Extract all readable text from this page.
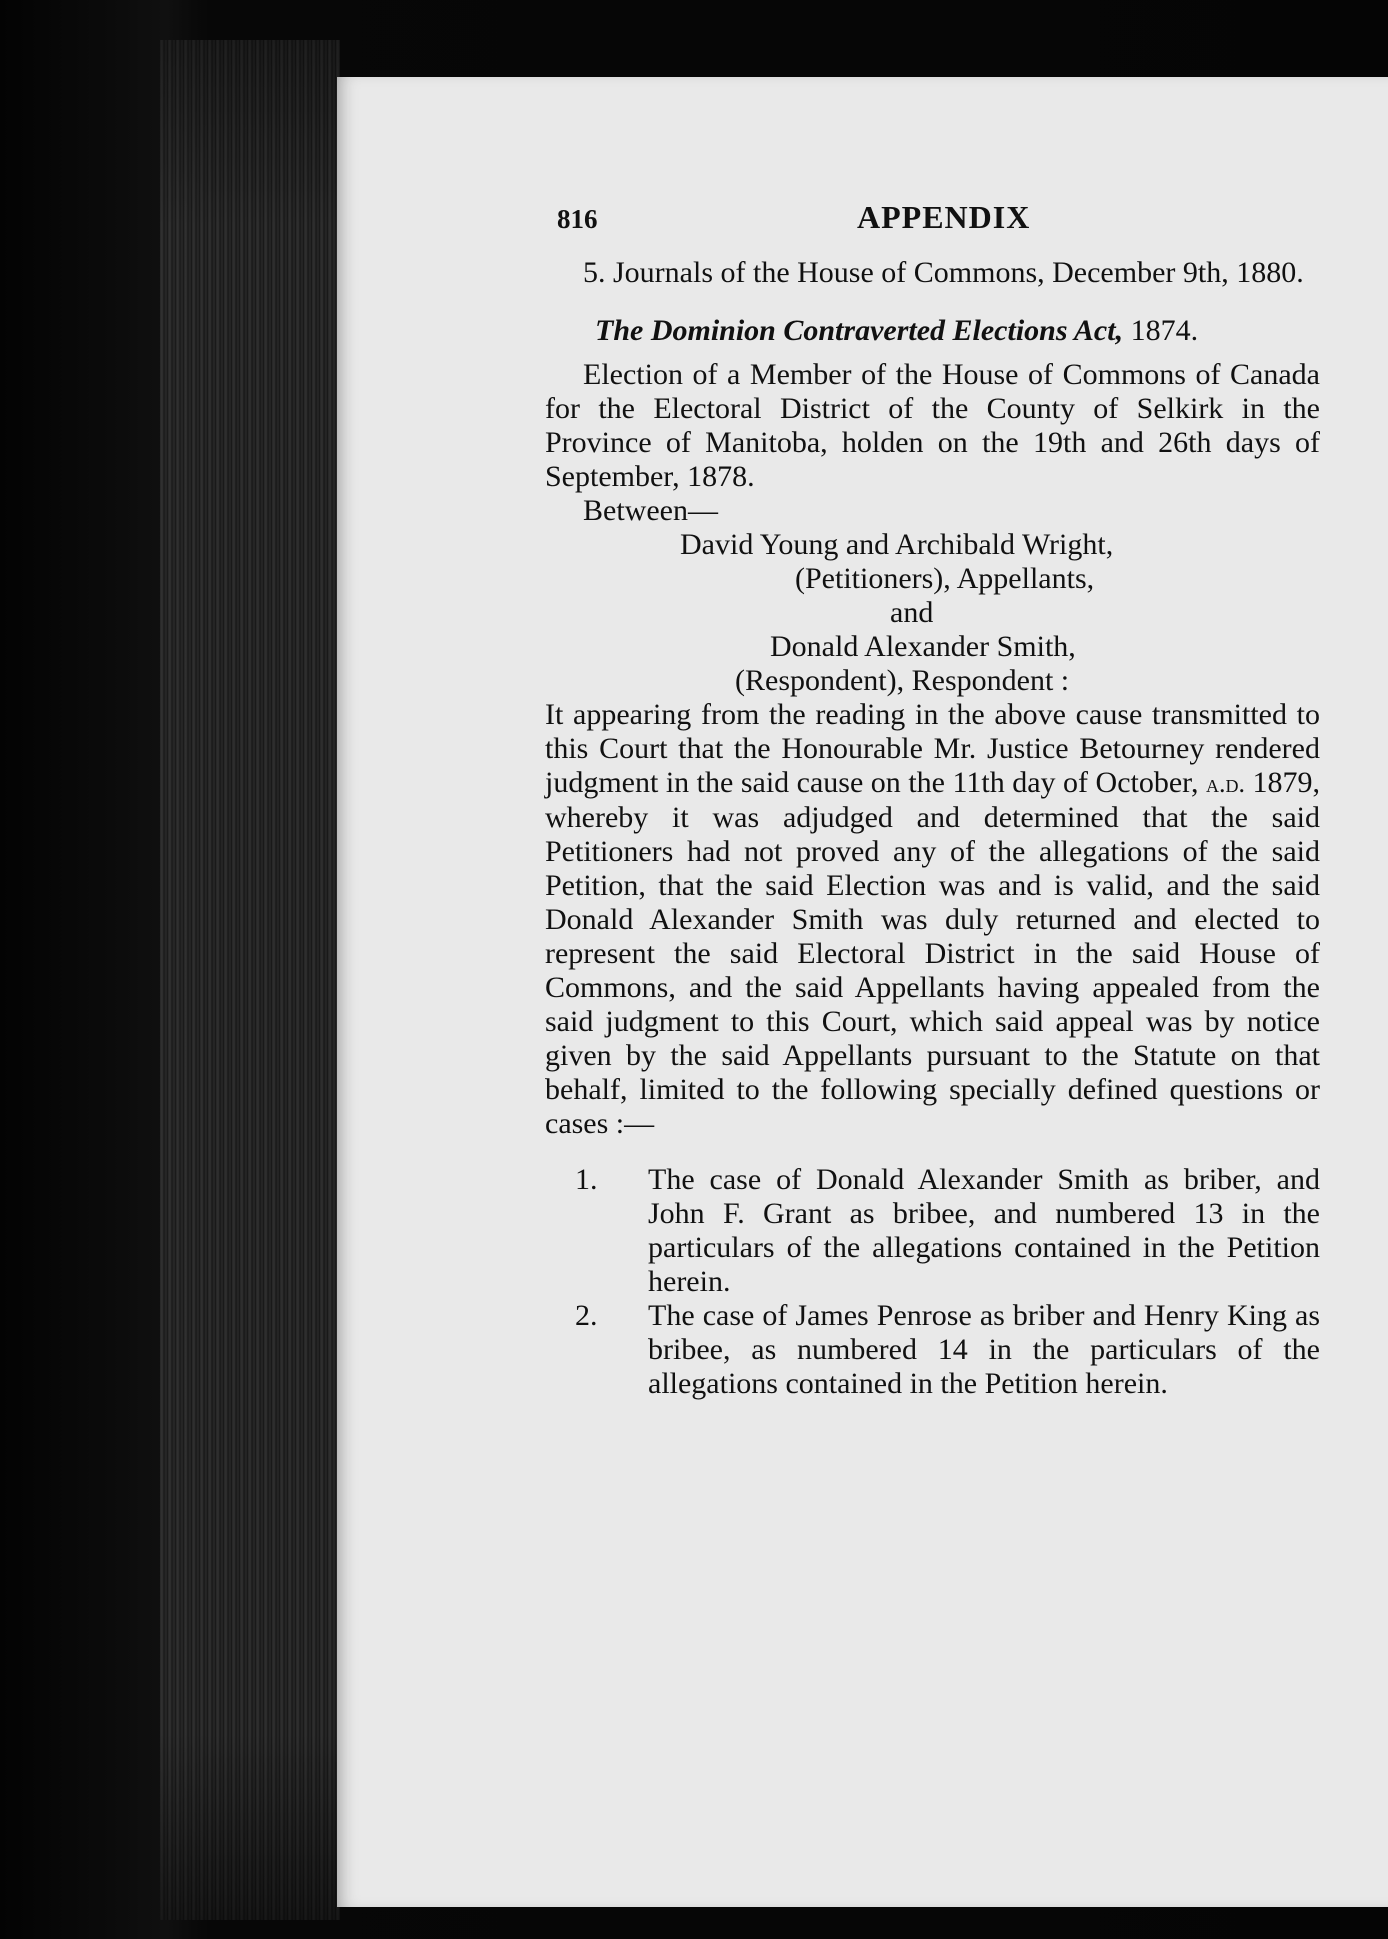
816	APPENDIX

5. Journals of the House of Commons, December 9th, 1880.

The Dominion Contraverted Elections Act, 1874.

Election of a Member of the House of Commons of Canada for the Electoral District of the County of Selkirk in the Province of Manitoba, holden on the 19th and 26th days of September, 1878.

Between—

David Young and Archibald Wright,

(Petitioners), Appellants,

and

Donald Alexander Smith,

(Respondent), Respondent :

It appearing from the reading in the above cause transmitted to this Court that the Honourable Mr. Justice Betourney rendered judgment in the said cause on the 11th day of October, a.d. 1879, whereby it was adjudged and determined that the said Petitioners had not proved any of the allegations of the said Petition, that the said Election was and is valid, and the said Donald Alexander Smith was duly returned and elected to represent the said Electoral District in the said House of Commons, and the said Appellants having appealed from the said judgment to this Court, which said appeal was by notice given by the said Appellants pursuant to the Statute on that behalf, limited to the following specially defined questions or cases :—

1. The case of Donald Alexander Smith as briber, and John F. Grant as bribee, and numbered 13 in the particulars of the allegations contained in the Petition herein.
2. The case of James Penrose as briber and Henry King as bribee, as numbered 14 in the particulars of the allegations contained in the Petition herein.
